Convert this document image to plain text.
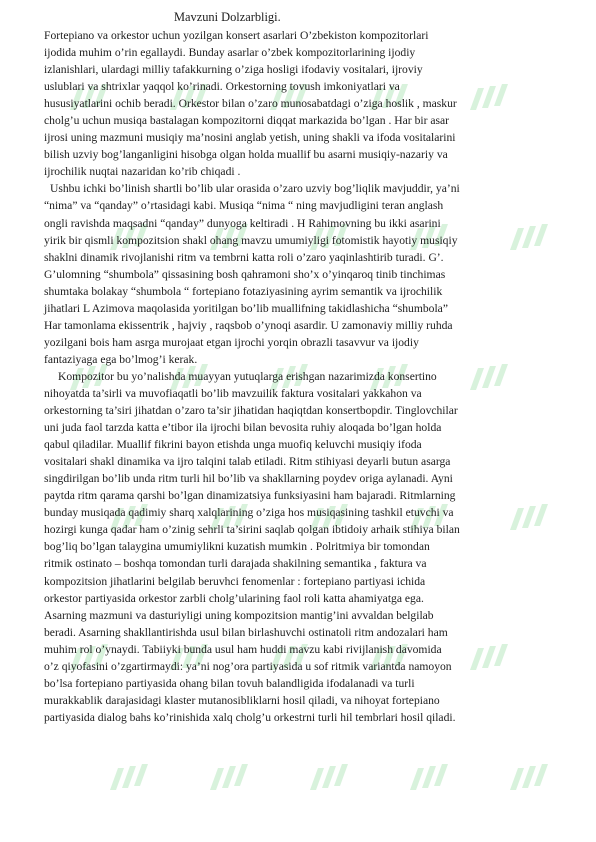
Mavzuni Dolzarbligi.
Fortepiano va orkestor uchun yozilgan konsert asarlari O’zbekiston kompozitorlari
ijodida muhim o’rin egallaydi. Bunday asarlar o’zbek kompozitorlarining ijodiy
izlanishlari, ulardagi milliy tafakkurning o’ziga hosligi ifodaviy vositalari, ijroviy
uslublari va shtrixlar yaqqol ko’rinadi. Orkestorning tovush imkoniyatlari va
hususiyatlarini ochib beradi. Orkestor bilan o’zaro munosabatdagi o’ziga hoslik , maskur
cholg’u uchun musiqa bastalagan kompozitorni diqqat markazida bo’lgan . Har bir asar
ijrosi uning mazmuni musiqiy ma’nosini anglab yetish, uning shakli va ifoda vositalarini
bilish uzviy bog’langanligini hisobga olgan holda muallif bu asarni musiqiy-nazariy va
ijrochilik nuqtai nazaridan ko’rib chiqadi .
Ushbu ichki bo’linish shartli bo’lib ular orasida o’zaro uzviy bog’liqlik mavjuddir, ya’ni
“nima” va “qanday” o’rtasidagi kabi. Musiqa “nima “ ning mavjudligini teran anglash
ongli ravishda maqsadni “qanday” dunyoga keltiradi . H Rahimovning bu ikki asarini
yirik bir qismli kompozitsion shakl ohang mavzu umumiyligi fotomistik hayotiy musiqiy
shaklni dinamik rivojlanishi ritm va tembrni katta roli o’zaro yaqinlashtirib turadi. G’.
G’ulomning “shumbola” qissasining bosh qahramoni sho’x o’yinqaroq tinib tinchimas
shumtaka bolakay “shumbola “ fortepiano fotaziyasining ayrim semantik va ijrochilik
jihatlari L Azimova maqolasida yoritilgan bo’lib muallifning takidlashicha “shumbola”
Har tamonlama ekissentrik , hajviy , raqsbob o’ynoqi asardir. U zamonaviy milliy ruhda
yozilgani bois ham asrga murojaat etgan ijrochi yorqin obrazli tasavvur va ijodiy
fantaziyaga ega bo’lmog’i kerak.
Kompozitor bu yo’nalishda muayyan yutuqlarga erishgan nazarimizda konsertino
nihoyatda ta’sirli va muvofiaqatli bo’lib mavzuilik faktura vositalari yakkahon va
orkestorning ta’siri jihatdan o’zaro ta’sir jihatidan haqiqtdan konsertbopdir. Tinglovchilar
uni juda faol tarzda katta e’tibor ila ijrochi bilan bevosita ruhiy aloqada bo’lgan holda
qabul qiladilar. Muallif fikrini bayon etishda unga muofiq keluvchi musiqiy ifoda
vositalari shakl dinamika va ijro talqini talab etiladi. Ritm stihiyasi deyarli butun asarga
singdirilgan bo’lib unda ritm turli hil bo’lib va shakllarning poydev origa aylanadi. Ayni
paytda ritm qarama qarshi bo’lgan dinamizatsiya funksiyasini ham bajaradi. Ritmlarning
bunday musiqada qadimiy sharq xalqlarining o’ziga hos musiqasining tashkil etuvchi va
hozirgi kunga qadar ham o’zinig sehrli ta’sirini saqlab qolgan ibtidoiy arhaik stihiya bilan
bog’liq bo’lgan talaygina umumiylikni kuzatish mumkin . Polritmiya bir tomondan
ritmik ostinato – boshqa tomondan turli darajada shakilning semantika , faktura va
kompozitsion jihatlarini belgilab beruvhci fenomenlar : fortepiano partiyasi ichida
orkestor partiyasida orkestor zarbli cholg’ularining faol roli katta ahamiyatga ega.
Asarning mazmuni va dasturiyligi uning kompozitsion mantig’ini avvaldan belgilab
beradi. Asarning shakllantirishda usul bilan birlashuvchi ostinatoli ritm andozalari ham
muhim rol o’ynaydi. Tabiiyki bunda usul ham huddi mavzu kabi rivijlanish davomida
o’z qiyofasini o’zgartirmaydi: ya’ni nog’ora partiyasida u sof ritmik variantda namoyon
bo’lsa fortepiano partiyasida ohang bilan tovuh balandligida ifodalanadi va turli
murakkablik darajasidagi klaster mutanosibliklarni hosil qiladi, va nihoyat fortepiano
partiyasida dialog bahs ko’rinishida xalq cholg’u orkestrni turli hil tembrlari hosil qiladi.
